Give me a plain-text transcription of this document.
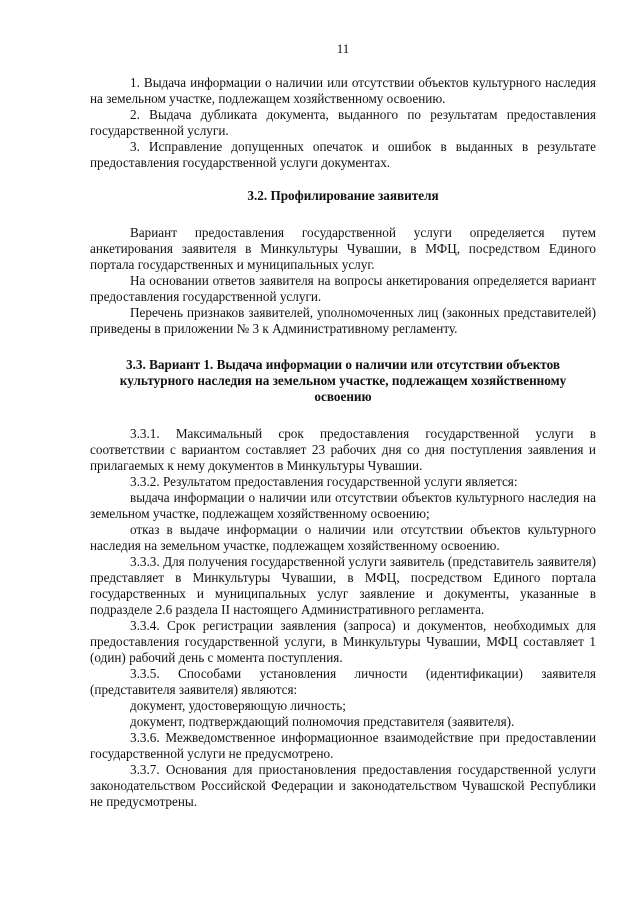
11

1. Выдача информации о наличии или отсутствии объектов культурного наследия на земельном участке, подлежащем хозяйственному освоению.

2. Выдача дубликата документа, выданного по результатам предоставления государственной услуги.

3. Исправление допущенных опечаток и ошибок в выданных в результате предоставления государственной услуги документах.

3.2. Профилирование заявителя

Вариант предоставления государственной услуги определяется путем анкетирования заявителя в Минкультуры Чувашии, в МФЦ, посредством Единого портала государственных и муниципальных услуг.

На основании ответов заявителя на вопросы анкетирования определяется вариант предоставления государственной услуги.

Перечень признаков заявителей, уполномоченных лиц (законных представителей) приведены в приложении № 3 к Административному регламенту.

3.3. Вариант 1. Выдача информации о наличии или отсутствии объектов культурного наследия на земельном участке, подлежащем хозяйственному освоению

3.3.1. Максимальный срок предоставления государственной услуги в соответствии с вариантом составляет 23 рабочих дня со дня поступления заявления и прилагаемых к нему документов в Минкультуры Чувашии.

3.3.2. Результатом предоставления государственной услуги является:

выдача информации о наличии или отсутствии объектов культурного наследия на земельном участке, подлежащем хозяйственному освоению;

отказ в выдаче информации о наличии или отсутствии объектов культурного наследия на земельном участке, подлежащем хозяйственному освоению.

3.3.3. Для получения государственной услуги заявитель (представитель заявителя) представляет в Минкультуры Чувашии, в МФЦ, посредством Единого портала государственных и муниципальных услуг заявление и документы, указанные в подразделе 2.6 раздела II настоящего Административного регламента.

3.3.4. Срок регистрации заявления (запроса) и документов, необходимых для предоставления государственной услуги, в Минкультуры Чувашии, МФЦ составляет 1 (один) рабочий день с момента поступления.

3.3.5. Способами установления личности (идентификации) заявителя (представителя заявителя) являются:

документ, удостоверяющую личность;

документ, подтверждающий полномочия представителя (заявителя).

3.3.6. Межведомственное информационное взаимодействие при предоставлении государственной услуги не предусмотрено.

3.3.7. Основания для приостановления предоставления государственной услуги законодательством Российской Федерации и законодательством Чувашской Республики не предусмотрены.
